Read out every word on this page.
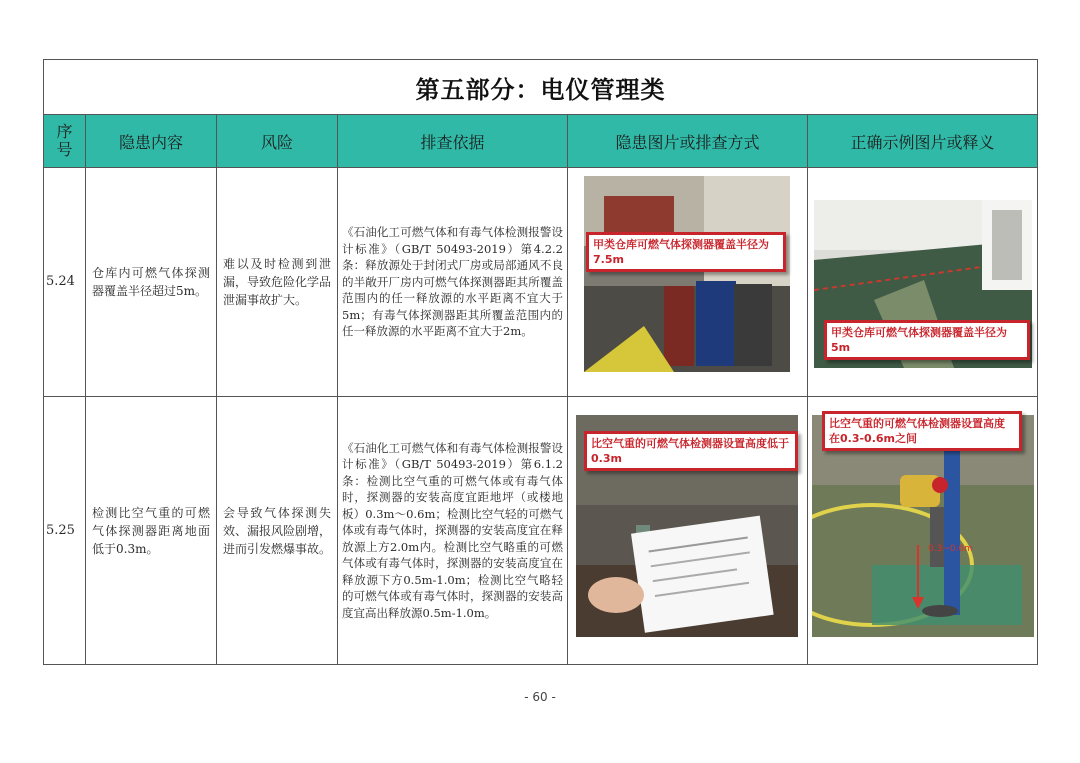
第五部分：电仪管理类					
序
号	隐患内容	风险	排查依据	隐患图片或排查方式	正确示例图片或释义
5.24	仓库内可燃气体探测器覆盖半径超过5m。	难以及时检测到泄漏，导致危险化学品泄漏事故扩大。	《石油化工可燃气体和有毒气体检测报警设计标准》（GB/T 50493-2019）第4.2.2条：释放源处于封闭式厂房或局部通风不良的半敞开厂房内可燃气体探测器距其所覆盖范围内的任一释放源的水平距离不宜大于5m；有毒气体探测器距其所覆盖范围内的任一释放源的水平距离不宜大于2m。	甲类仓库可燃气体探测器覆盖半径为7.5m	甲类仓库可燃气体探测器覆盖半径为5m

5.25	检测比空气重的可燃气体探测器距离地面低于0.3m。	会导致气体探测失效、漏报风险剧增，进而引发燃爆事故。	《石油化工可燃气体和有毒气体检测报警设计标准》（GB/T 50493-2019）第6.1.2条：检测比空气重的可燃气体或有毒气体时，探测器的安装高度宜距地坪（或楼地板）0.3m～0.6m；检测比空气轻的可燃气体或有毒气体时，探测器的安装高度宜在释放源上方2.0m内。检测比空气略重的可燃气体或有毒气体时，探测器的安装高度宜在释放源下方0.5m-1.0m；检测比空气略轻的可燃气体或有毒气体时，探测器的安装高度宜高出释放源0.5m-1.0m。	比空气重的可燃气体检测器设置高度低于0.3m	0.3~0.6m
比空气重的可燃气体检测器设置高度在0.3-0.6m之间
- 60 -
